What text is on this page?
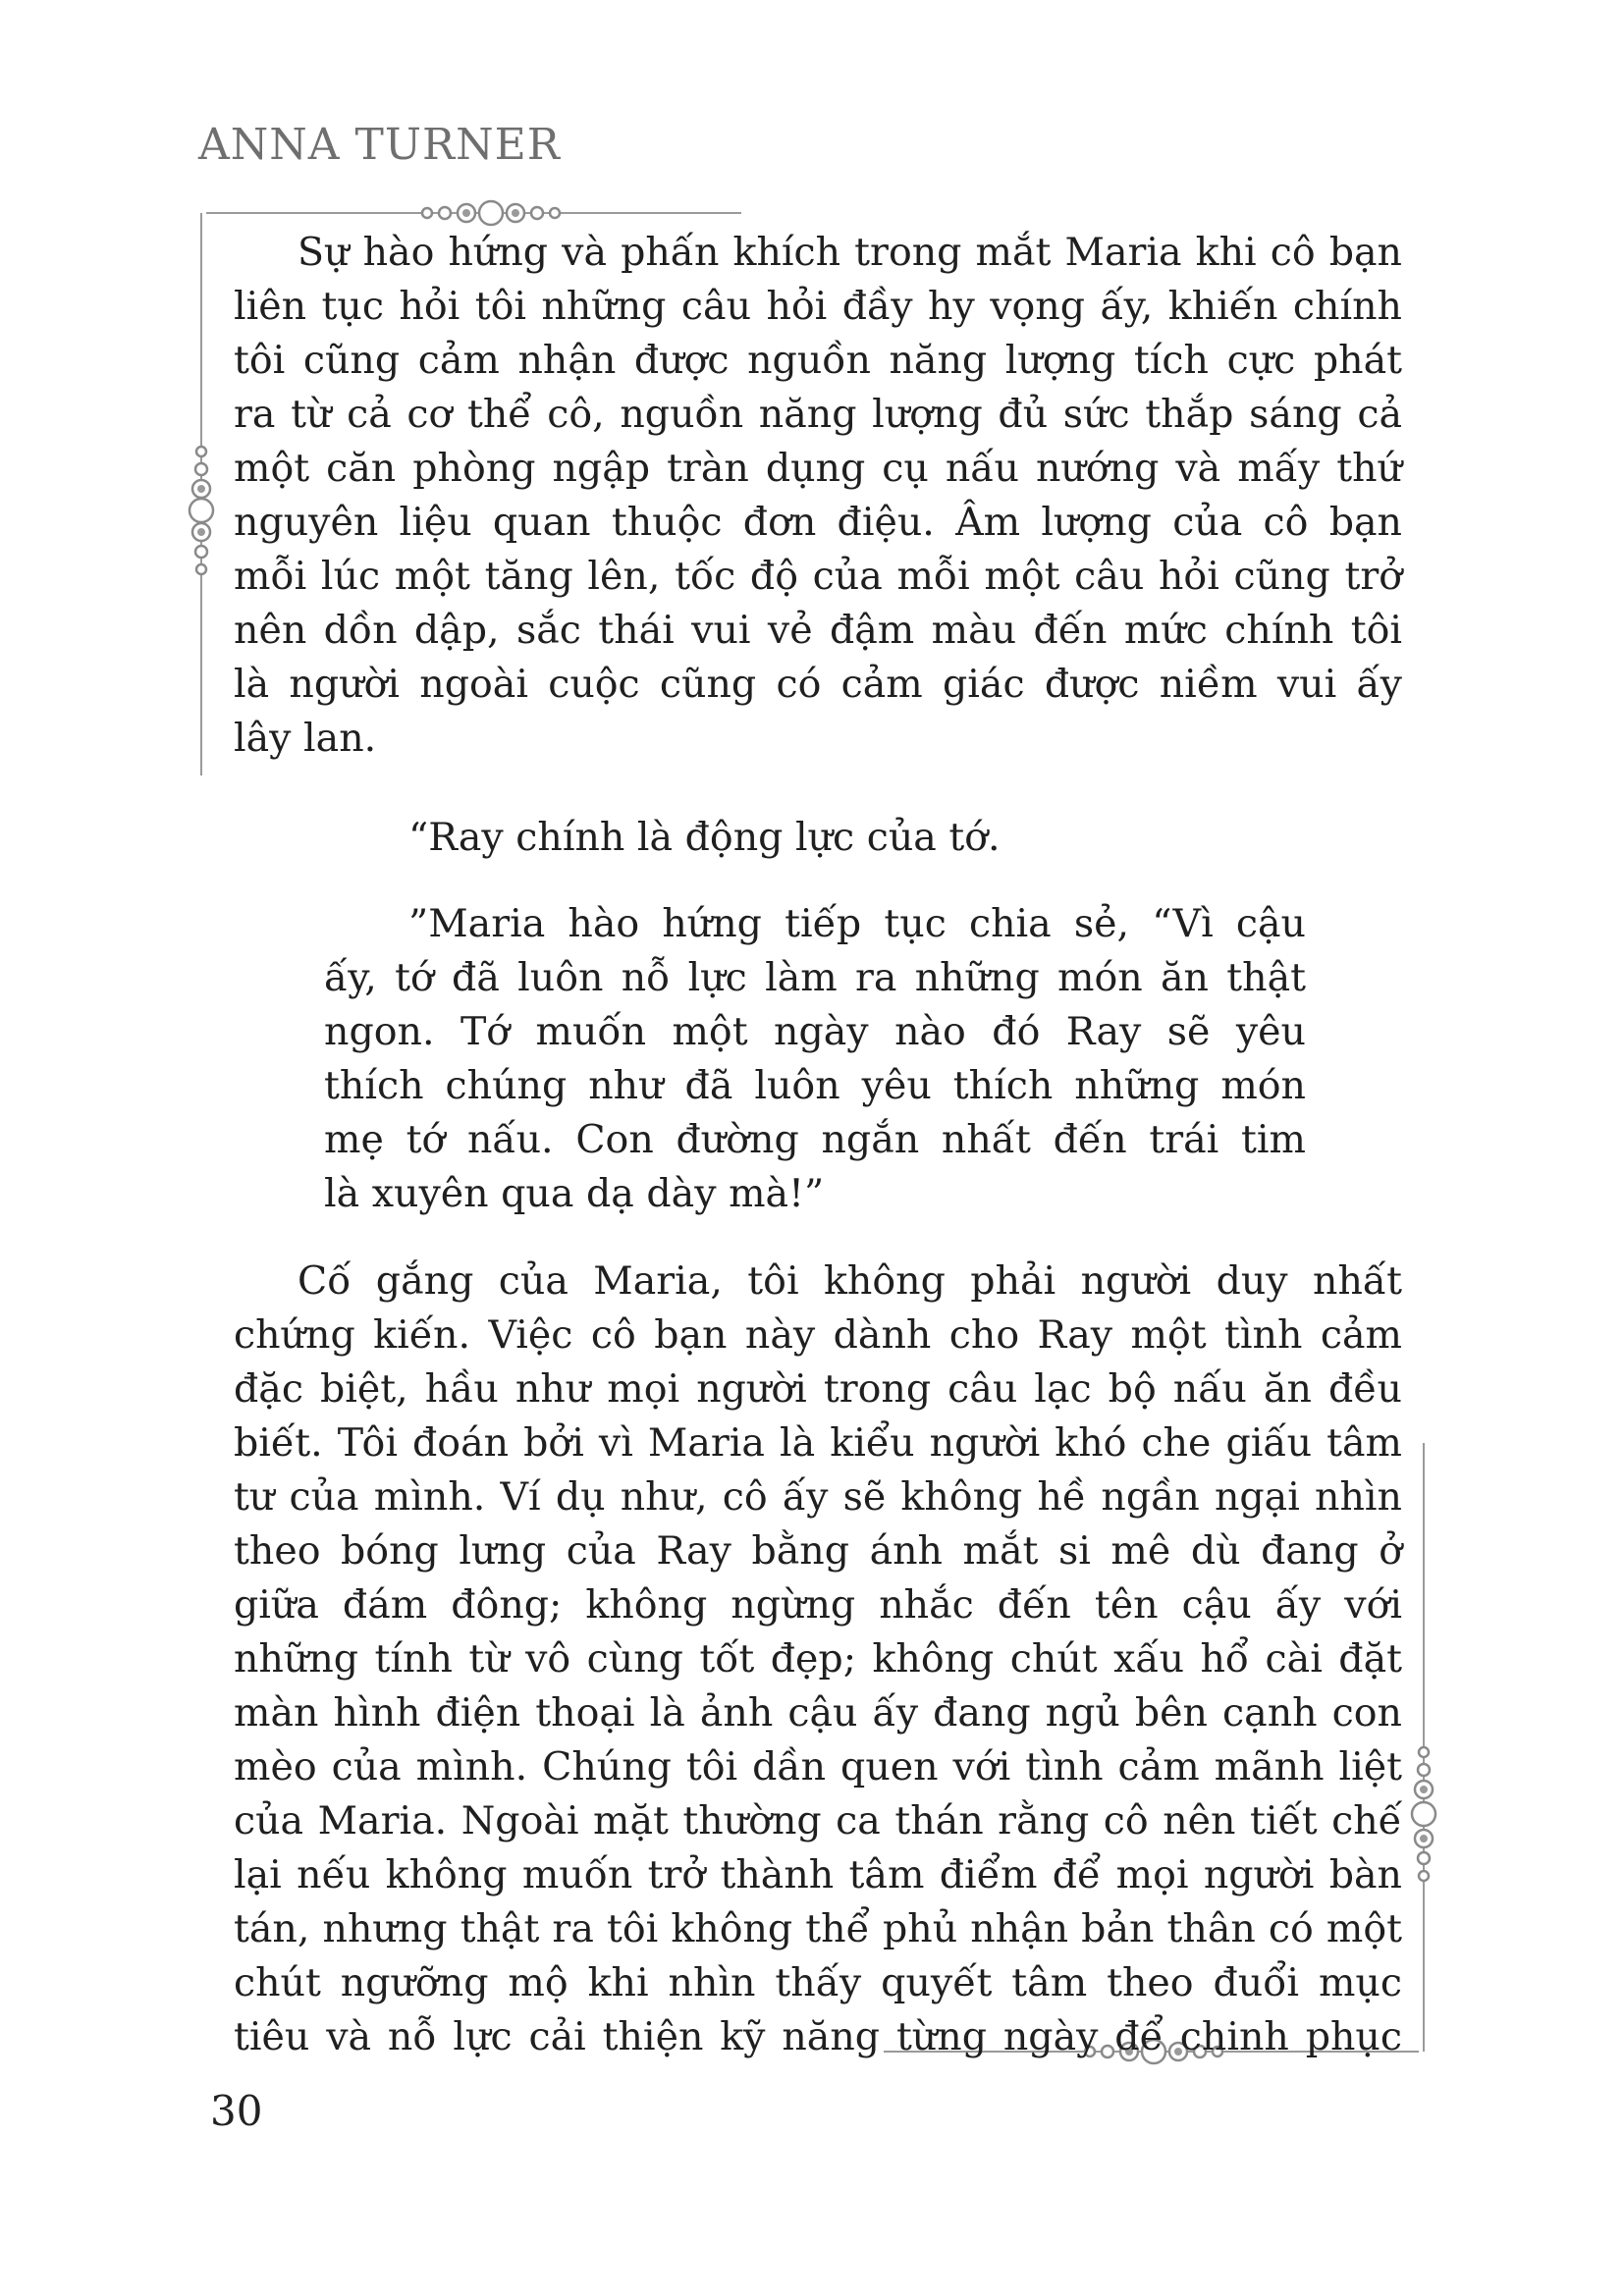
ANNA TURNER
Sự hào hứng và phấn khích trong mắt Maria khi cô bạn
liên tục hỏi tôi những câu hỏi đầy hy vọng ấy, khiến chính
tôi cũng cảm nhận được nguồn năng lượng tích cực phát
ra từ cả cơ thể cô, nguồn năng lượng đủ sức thắp sáng cả
một căn phòng ngập tràn dụng cụ nấu nướng và mấy thứ
nguyên liệu quan thuộc đơn điệu. Âm lượng của cô bạn
mỗi lúc một tăng lên, tốc độ của mỗi một câu hỏi cũng trở
nên dồn dập, sắc thái vui vẻ đậm màu đến mức chính tôi
là người ngoài cuộc cũng có cảm giác được niềm vui ấy
lây lan.
“Ray chính là động lực của tớ.
”Maria hào hứng tiếp tục chia sẻ, “Vì cậu
ấy, tớ đã luôn nỗ lực làm ra những món ăn thật
ngon. Tớ muốn một ngày nào đó Ray sẽ yêu
thích chúng như đã luôn yêu thích những món
mẹ tớ nấu. Con đường ngắn nhất đến trái tim
là xuyên qua dạ dày mà!”
Cố gắng của Maria, tôi không phải người duy nhất
chứng kiến. Việc cô bạn này dành cho Ray một tình cảm
đặc biệt, hầu như mọi người trong câu lạc bộ nấu ăn đều
biết. Tôi đoán bởi vì Maria là kiểu người khó che giấu tâm
tư của mình. Ví dụ như, cô ấy sẽ không hề ngần ngại nhìn
theo bóng lưng của Ray bằng ánh mắt si mê dù đang ở
giữa đám đông; không ngừng nhắc đến tên cậu ấy với
những tính từ vô cùng tốt đẹp; không chút xấu hổ cài đặt
màn hình điện thoại là ảnh cậu ấy đang ngủ bên cạnh con
mèo của mình. Chúng tôi dần quen với tình cảm mãnh liệt
của Maria. Ngoài mặt thường ca thán rằng cô nên tiết chế
lại nếu không muốn trở thành tâm điểm để mọi người bàn
tán, nhưng thật ra tôi không thể phủ nhận bản thân có một
chút ngưỡng mộ khi nhìn thấy quyết tâm theo đuổi mục
tiêu và nỗ lực cải thiện kỹ năng từng ngày để chinh phục
30
